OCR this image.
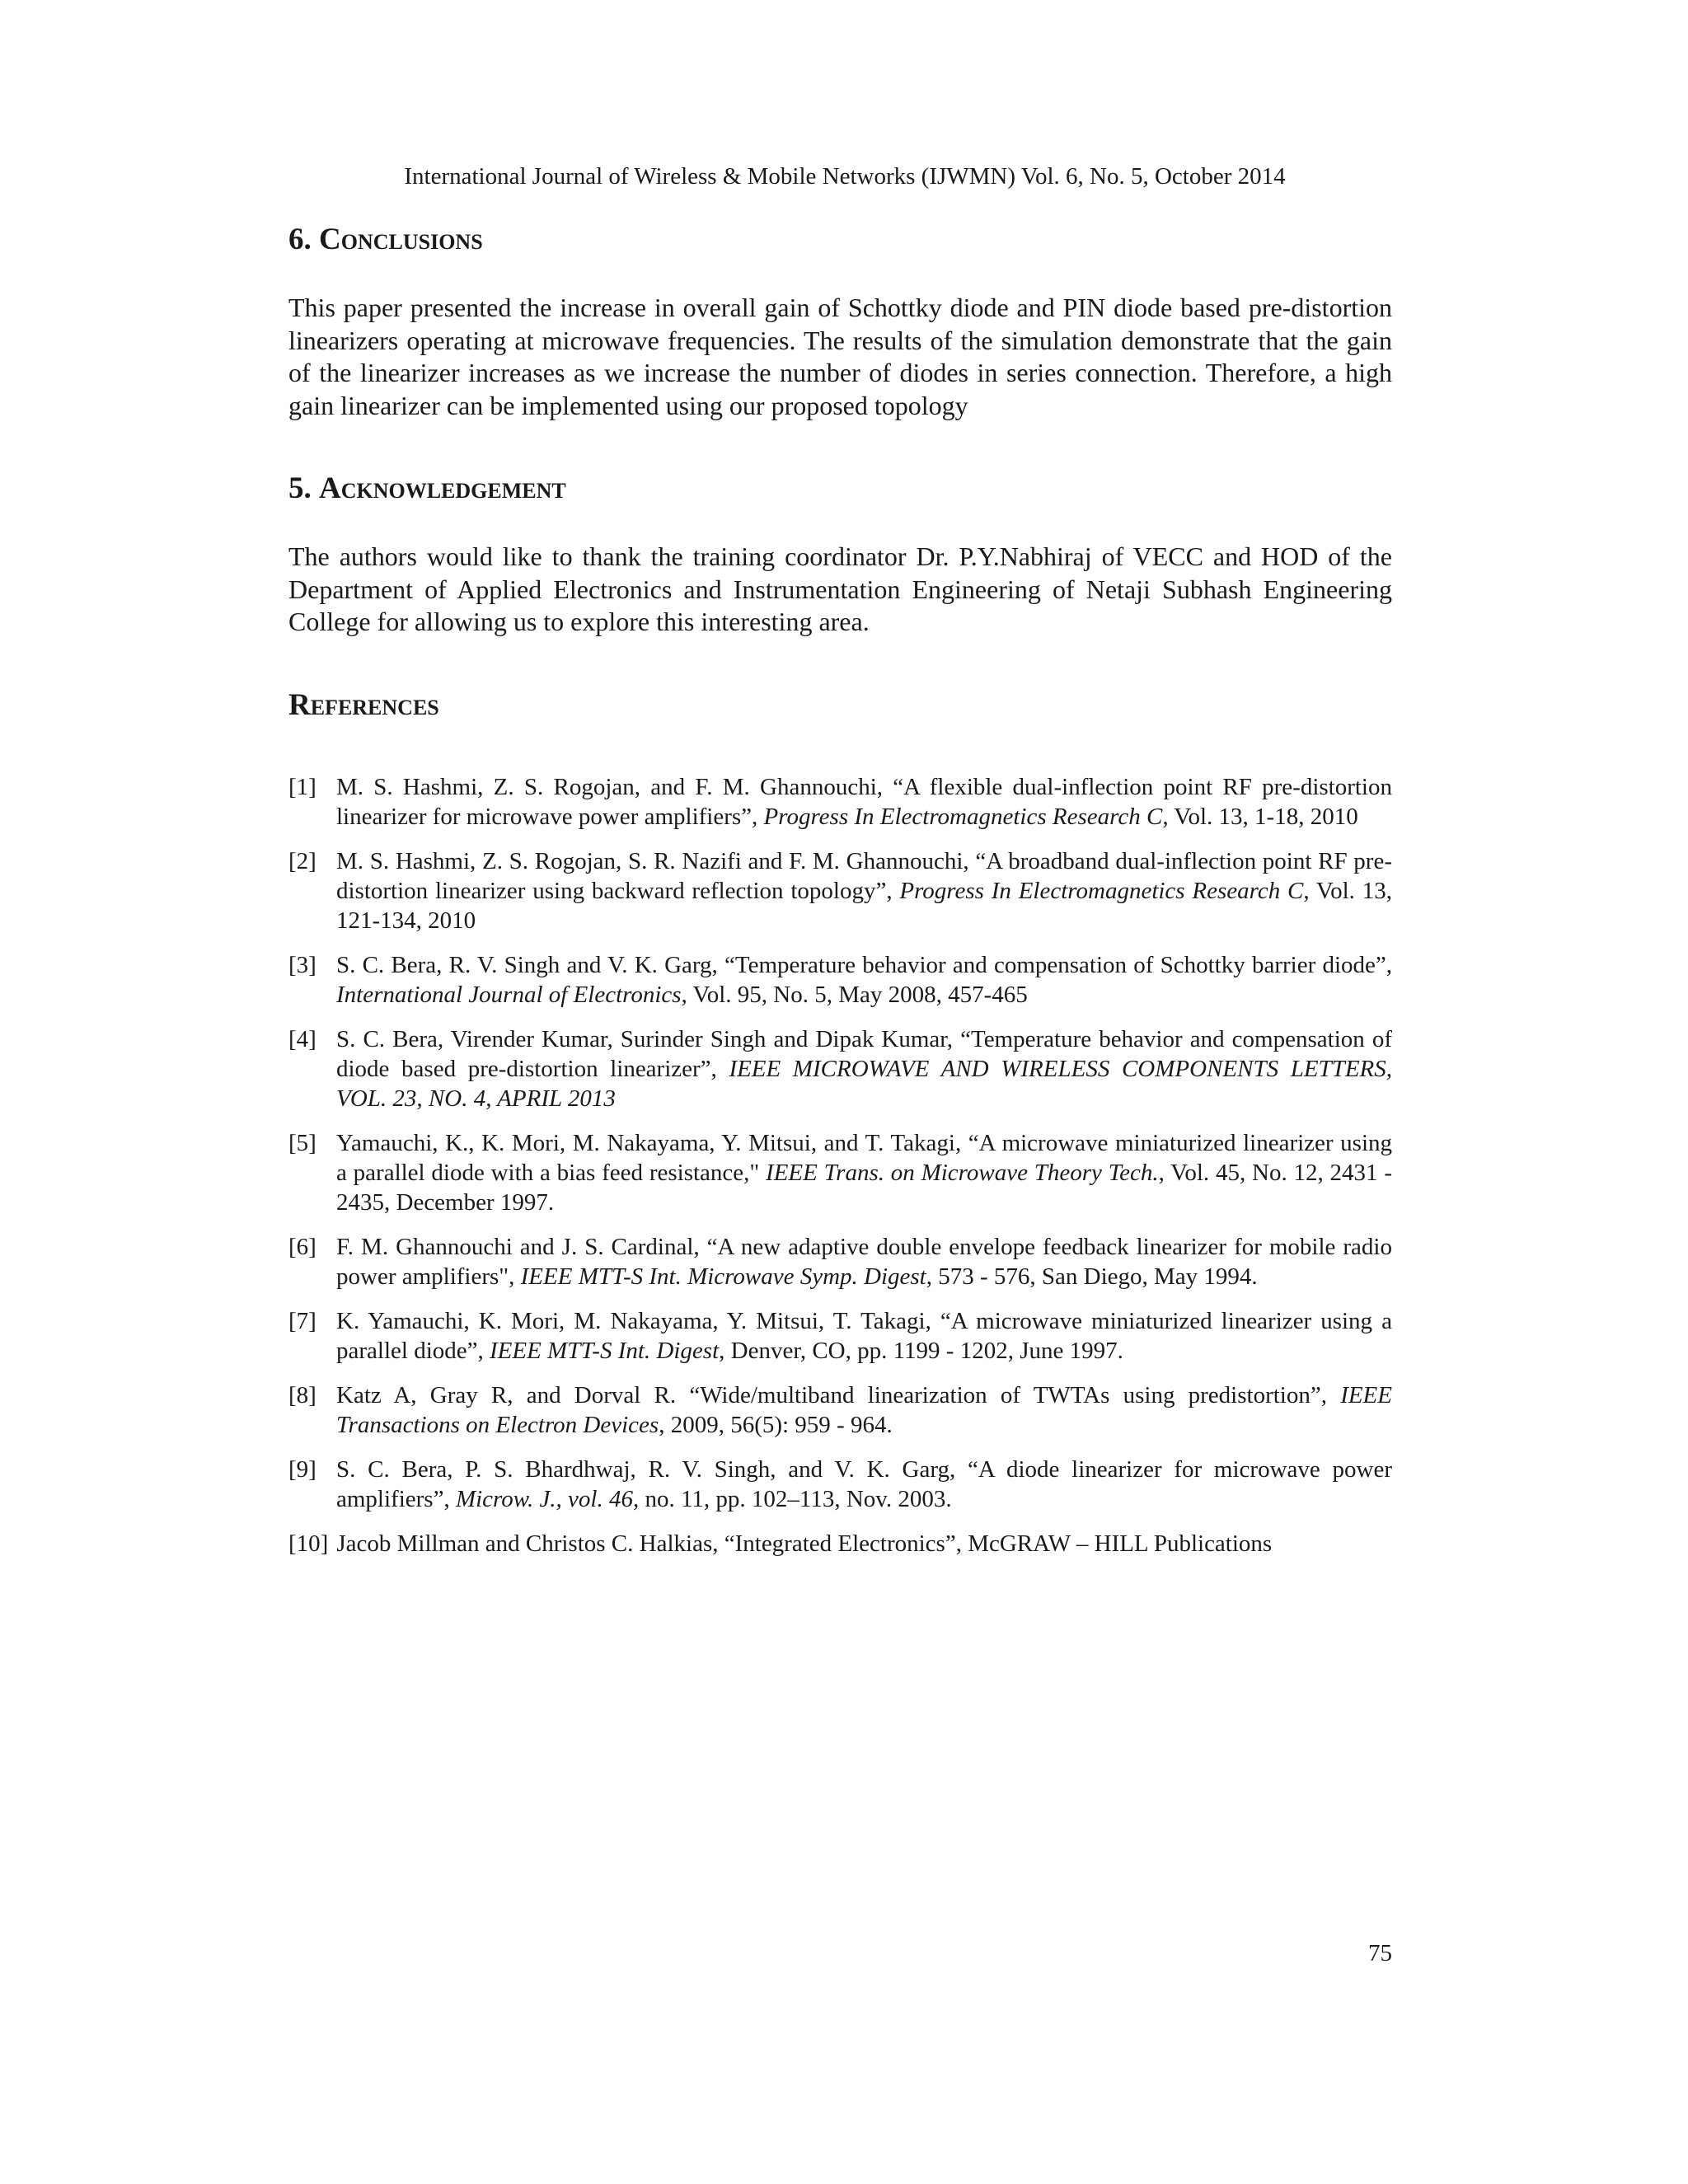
International Journal of Wireless & Mobile Networks (IJWMN) Vol. 6, No. 5, October 2014
6. Conclusions

This paper presented the increase in overall gain of Schottky diode and PIN diode based pre-distortion linearizers operating at microwave frequencies. The results of the simulation demonstrate that the gain of the linearizer increases as we increase the number of diodes in series connection. Therefore, a high gain linearizer can be implemented using our proposed topology

5. Acknowledgement

The authors would like to thank the training coordinator Dr. P.Y.Nabhiraj of VECC and HOD of the Department of Applied Electronics and Instrumentation Engineering of Netaji Subhash Engineering College for allowing us to explore this interesting area.

References
[1] M. S. Hashmi, Z. S. Rogojan, and F. M. Ghannouchi, “A flexible dual-inflection point RF pre-distortion linearizer for microwave power amplifiers”, Progress In Electromagnetics Research C, Vol. 13, 1-18, 2010
[2] M. S. Hashmi, Z. S. Rogojan, S. R. Nazifi and F. M. Ghannouchi, “A broadband dual-inflection point RF pre-distortion linearizer using backward reflection topology”, Progress In Electromagnetics Research C, Vol. 13, 121-134, 2010
[3] S. C. Bera, R. V. Singh and V. K. Garg, “Temperature behavior and compensation of Schottky barrier diode”, International Journal of Electronics, Vol. 95, No. 5, May 2008, 457-465
[4] S. C. Bera, Virender Kumar, Surinder Singh and Dipak Kumar, “Temperature behavior and compensation of diode based pre-distortion linearizer”, IEEE MICROWAVE AND WIRELESS COMPONENTS LETTERS, VOL. 23, NO. 4, APRIL 2013
[5] Yamauchi, K., K. Mori, M. Nakayama, Y. Mitsui, and T. Takagi, “A microwave miniaturized linearizer using a parallel diode with a bias feed resistance," IEEE Trans. on Microwave Theory Tech., Vol. 45, No. 12, 2431 - 2435, December 1997.
[6] F. M. Ghannouchi and J. S. Cardinal, “A new adaptive double envelope feedback linearizer for mobile radio power amplifiers", IEEE MTT-S Int. Microwave Symp. Digest, 573 - 576, San Diego, May 1994.
[7] K. Yamauchi, K. Mori, M. Nakayama, Y. Mitsui, T. Takagi, “A microwave miniaturized linearizer using a parallel diode”, IEEE MTT-S Int. Digest, Denver, CO, pp. 1199 - 1202, June 1997.
[8] Katz A, Gray R, and Dorval R. “Wide/multiband linearization of TWTAs using predistortion”, IEEE Transactions on Electron Devices, 2009, 56(5): 959 - 964.
[9] S. C. Bera, P. S. Bhardhwaj, R. V. Singh, and V. K. Garg, “A diode linearizer for microwave power amplifiers”, Microw. J., vol. 46, no. 11, pp. 102–113, Nov. 2003.
[10] Jacob Millman and Christos C. Halkias, “Integrated Electronics”, McGRAW – HILL Publications
75
